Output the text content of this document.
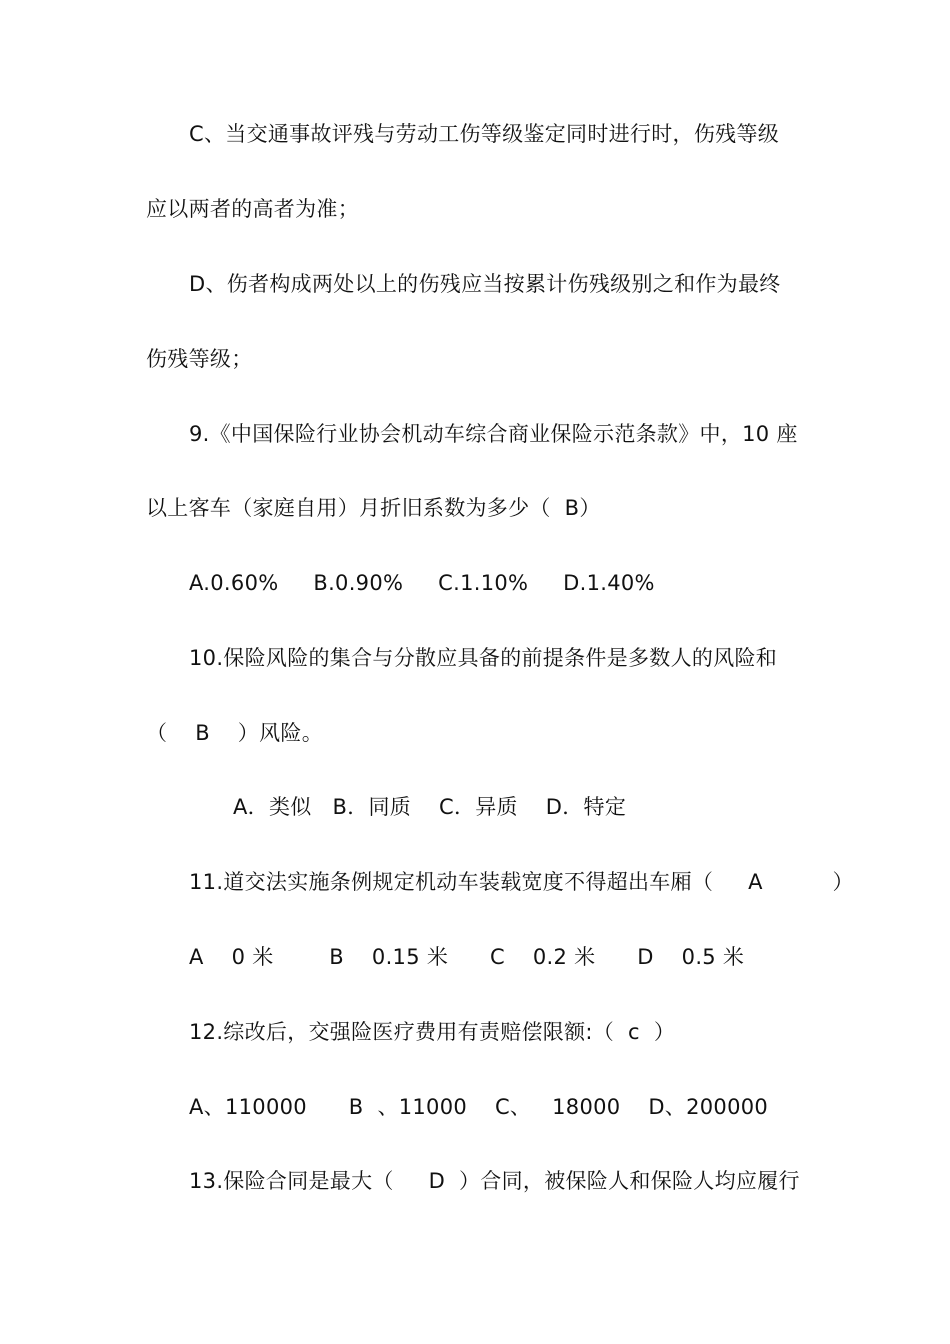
C、当交通事故评残与劳动工伤等级鉴定同时进行时，伤残等级
应以两者的高者为准；
D、伤者构成两处以上的伤残应当按累计伤残级别之和作为最终
伤残等级；
9.《中国保险行业协会机动车综合商业保险示范条款》中，10 座
以上客车（家庭自用）月折旧系数为多少（  B）
A.0.60%     B.0.90%     C.1.10%     D.1.40%
10.保险风险的集合与分散应具备的前提条件是多数人的风险和
（    B    ）风险。
A．类似   B．同质    C．异质    D．特定
11.道交法实施条例规定机动车装载宽度不得超出车厢（     A          ）
A    0 米        B    0.15 米      C    0.2 米      D    0.5 米
12.综改后，交强险医疗费用有责赔偿限额:（  c  ）
A、110000      B  、11000    C、   18000    D、200000
13.保险合同是最大（     D  ）合同，被保险人和保险人均应履行
